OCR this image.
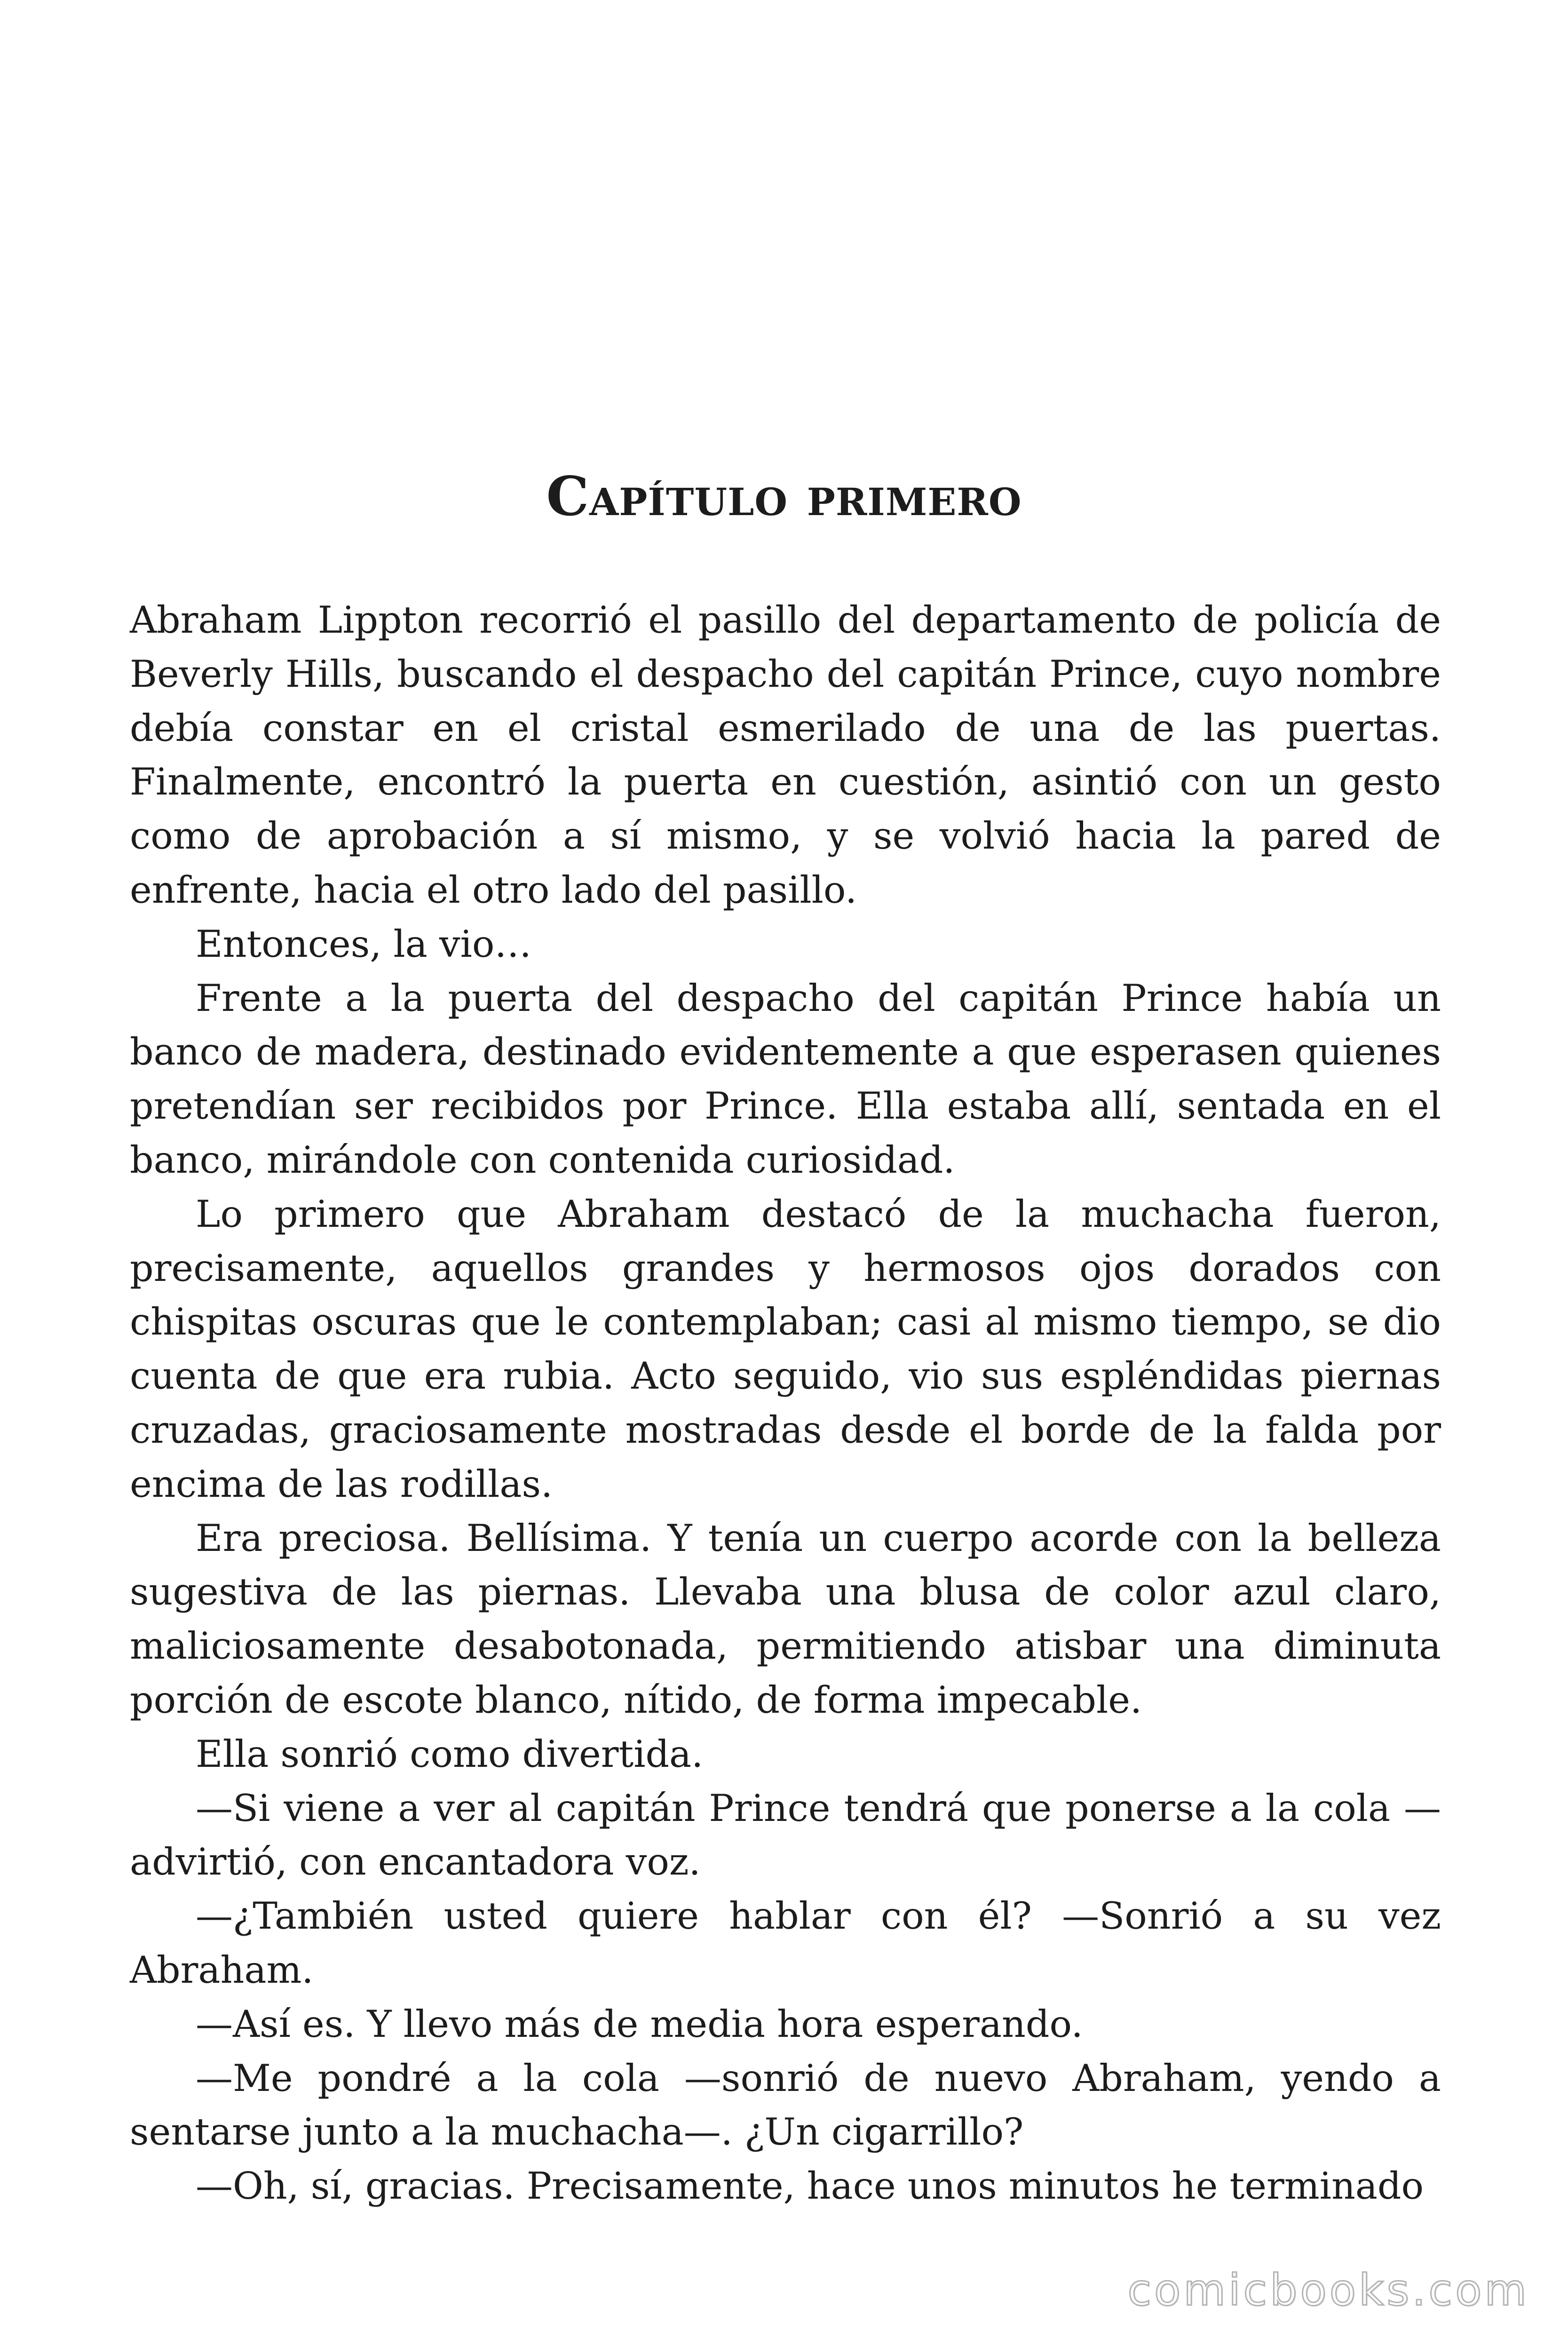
Capítulo primero

Abraham Lippton recorrió el pasillo del departamento de policía de Beverly Hills, buscando el despacho del capitán Prince, cuyo nombre debía constar en el cristal esmerilado de una de las puertas. Finalmente, encontró la puerta en cuestión, asintió con un gesto como de aprobación a sí mismo, y se volvió hacia la pared de enfrente, hacia el otro lado del pasillo.

Entonces, la vio…

Frente a la puerta del despacho del capitán Prince había un banco de madera, destinado evidentemente a que esperasen quienes pretendían ser recibidos por Prince. Ella estaba allí, sentada en el banco, mirándole con contenida curiosidad.

Lo primero que Abraham destacó de la muchacha fueron, precisamente, aquellos grandes y hermosos ojos dorados con chispitas oscuras que le contemplaban; casi al mismo tiempo, se dio cuenta de que era rubia. Acto seguido, vio sus espléndidas piernas cruzadas, graciosamente mostradas desde el borde de la falda por encima de las rodillas.

Era preciosa. Bellísima. Y tenía un cuerpo acorde con la belleza sugestiva de las piernas. Llevaba una blusa de color azul claro, maliciosamente desabotonada, permitiendo atisbar una diminuta porción de escote blanco, nítido, de forma impecable.

Ella sonrió como divertida.

—Si viene a ver al capitán Prince tendrá que ponerse a la cola —advirtió, con encantadora voz.

—¿También usted quiere hablar con él? —Sonrió a su vez Abraham.

—Así es. Y llevo más de media hora esperando.

—Me pondré a la cola —sonrió de nuevo Abraham, yendo a sentarse junto a la muchacha—. ¿Un cigarrillo?

—Oh, sí, gracias. Precisamente, hace unos minutos he terminado

comicbooks.com
